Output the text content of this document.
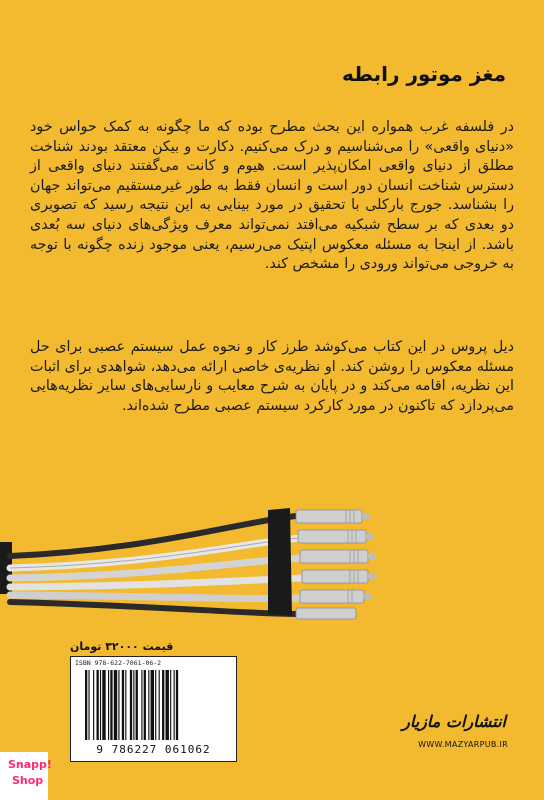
مغز موتور رابطه

در فلسفه غرب همواره این بحث مطرح بوده که ما چگونه به کمک حواس خود «دنیای واقعی» را می‌شناسیم و درک می‌کنیم. دکارت و بیکن معتقد بودند شناخت مطلق از دنیای واقعی امکان‌پذیر است. هیوم و کانت می‌گفتند دنیای واقعی از دسترس شناخت انسان دور است و انسان فقط به طور غیرمستقیم می‌تواند جهان را بشناسد. جورج بارکلی با تحقیق در مورد بینایی به این نتیجه رسید که تصویری دو بعدی که بر سطح شبکیه می‌افتد نمی‌تواند معرف ویژگی‌های دنیای سه بُعدی باشد. از اینجا به مسئله معکوس اپتیک می‌رسیم، یعنی موجود زنده چگونه با توجه به خروجی می‌تواند ورودی را مشخص کند.

دیل پروس در این کتاب می‌کوشد طرز کار و نحوه عمل سیستم عصبی برای حل مسئله معکوس را روشن کند. او نظریه‌ی خاصی ارائه می‌دهد، شواهدی برای اثبات این نظریه، اقامه می‌کند و در پایان به شرح معایب و نارسایی‌های سایر نظریه‌هایی می‌پردازد که تاکنون در مورد کارکرد سیستم عصبی مطرح شده‌اند.

قیمت ۳۲۰۰۰ تومان
ISBN 978-622-7061-06-2
9 786227 061062
انتشارات مازیار
WWW.MAZYARPUB.IR
Snapp!
Shop
